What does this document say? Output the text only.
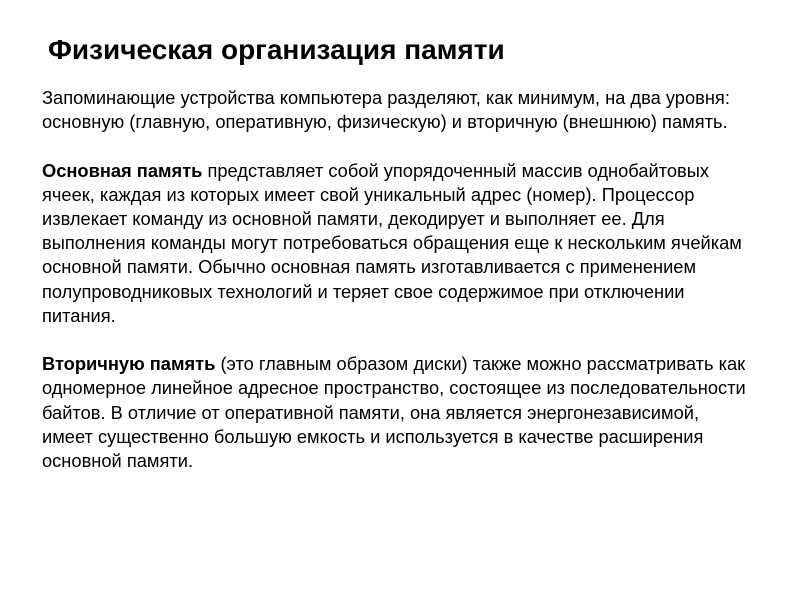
Физическая организация памяти

Запоминающие устройства компьютера разделяют, как минимум, на два уровня: основную (главную, оперативную, физическую) и вторичную (внешнюю) память.

Основная память представляет собой упорядоченный массив однобайтовых ячеек, каждая из которых имеет свой уникальный адрес (номер). Процессор извлекает команду из основной памяти, декодирует и выполняет ее. Для выполнения команды могут потребоваться обращения еще к нескольким ячейкам основной памяти. Обычно основная память изготавливается с применением полупроводниковых технологий и теряет свое содержимое при отключении питания.

Вторичную память (это главным образом диски) также можно рассматривать как одномерное линейное адресное пространство, состоящее из последовательности байтов. В отличие от оперативной памяти, она является энергонезависимой, имеет существенно большую емкость и используется в качестве расширения основной памяти.
